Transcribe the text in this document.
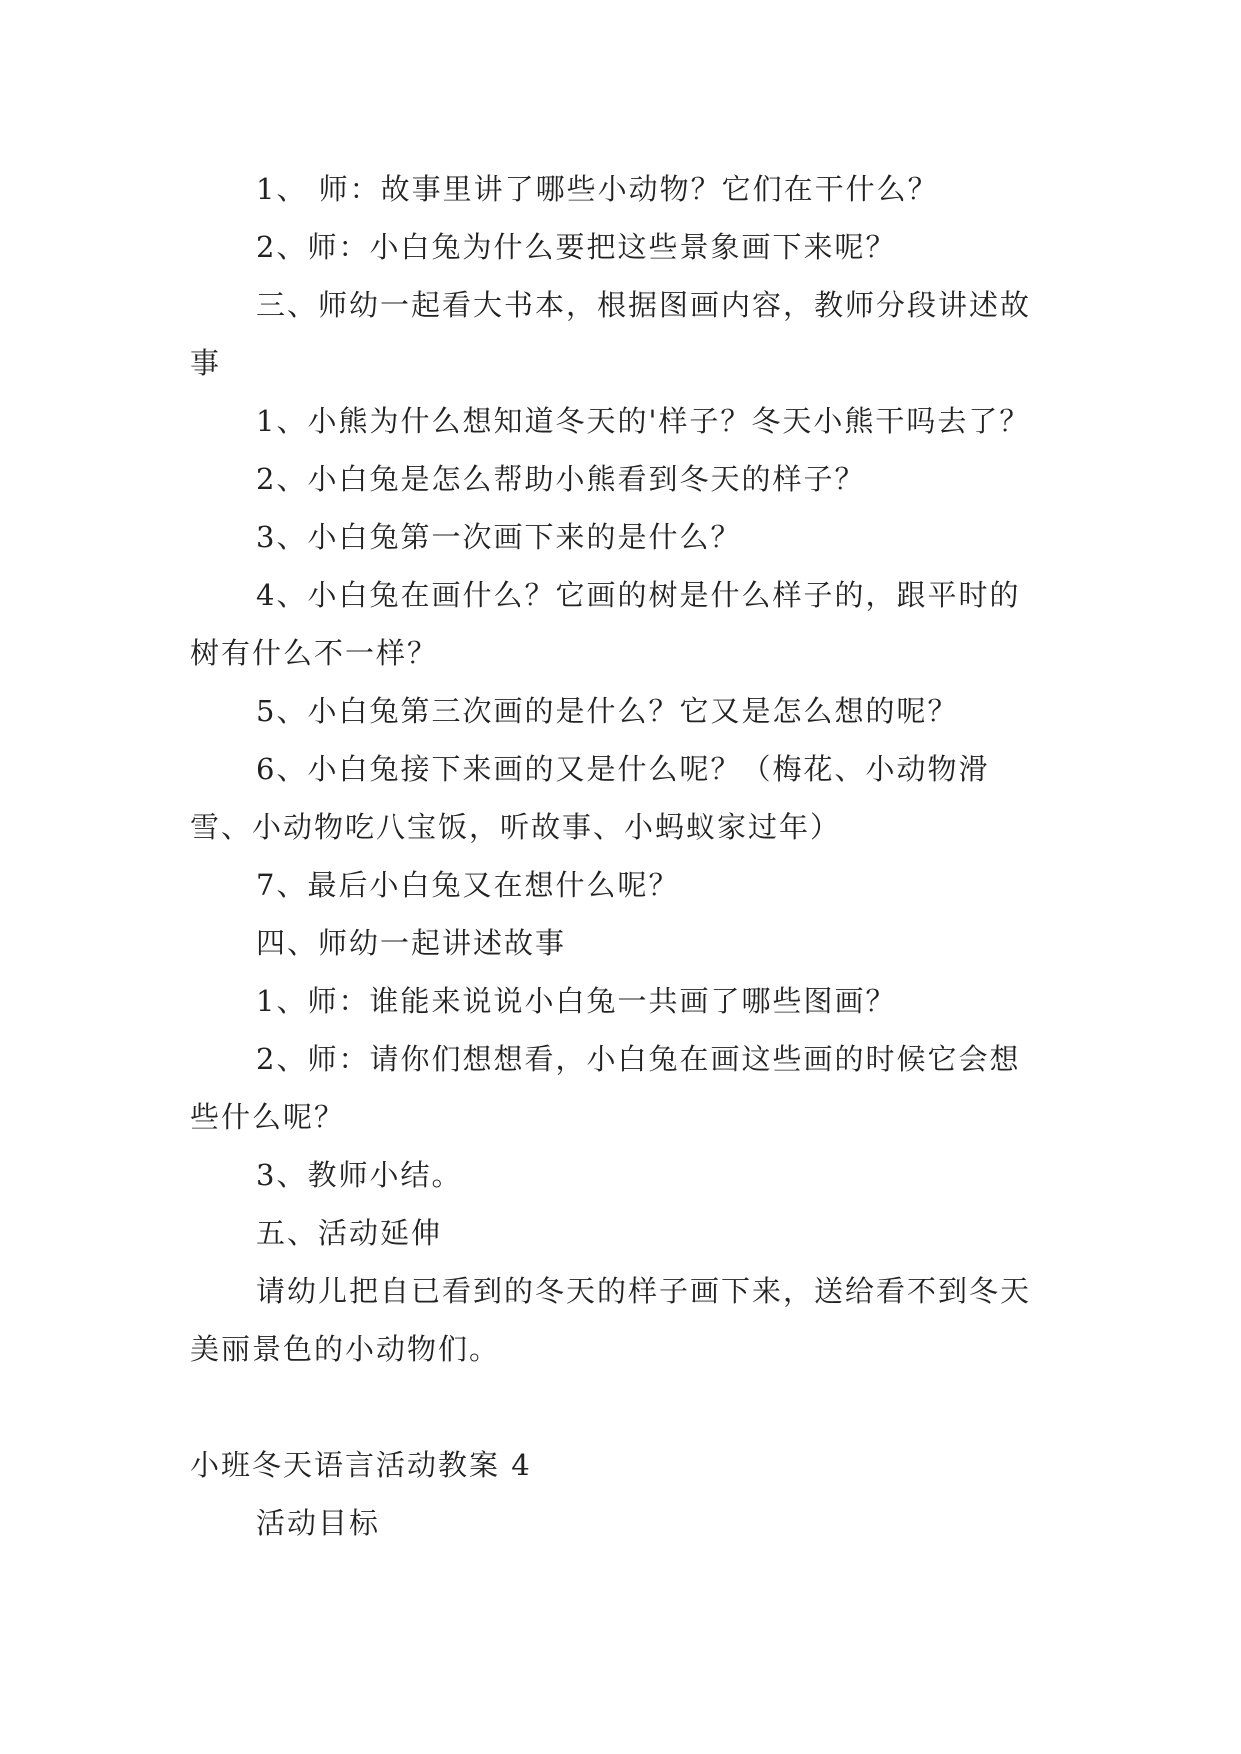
1、 师：故事里讲了哪些小动物？它们在干什么？

2、师：小白兔为什么要把这些景象画下来呢？

三、师幼一起看大书本，根据图画内容，教师分段讲述故事

1、小熊为什么想知道冬天的'样子？冬天小熊干吗去了？

2、小白兔是怎么帮助小熊看到冬天的样子？

3、小白兔第一次画下来的是什么？

4、小白兔在画什么？它画的树是什么样子的，跟平时的树有什么不一样？

5、小白兔第三次画的是什么？它又是怎么想的呢？

6、小白兔接下来画的又是什么呢？（梅花、小动物滑雪、小动物吃八宝饭，听故事、小蚂蚁家过年）

7、最后小白兔又在想什么呢？

四、师幼一起讲述故事

1、师：谁能来说说小白兔一共画了哪些图画？

2、师：请你们想想看，小白兔在画这些画的时候它会想些什么呢？

3、教师小结。

五、活动延伸

请幼儿把自已看到的冬天的样子画下来，送给看不到冬天美丽景色的小动物们。

小班冬天语言活动教案 4

活动目标
